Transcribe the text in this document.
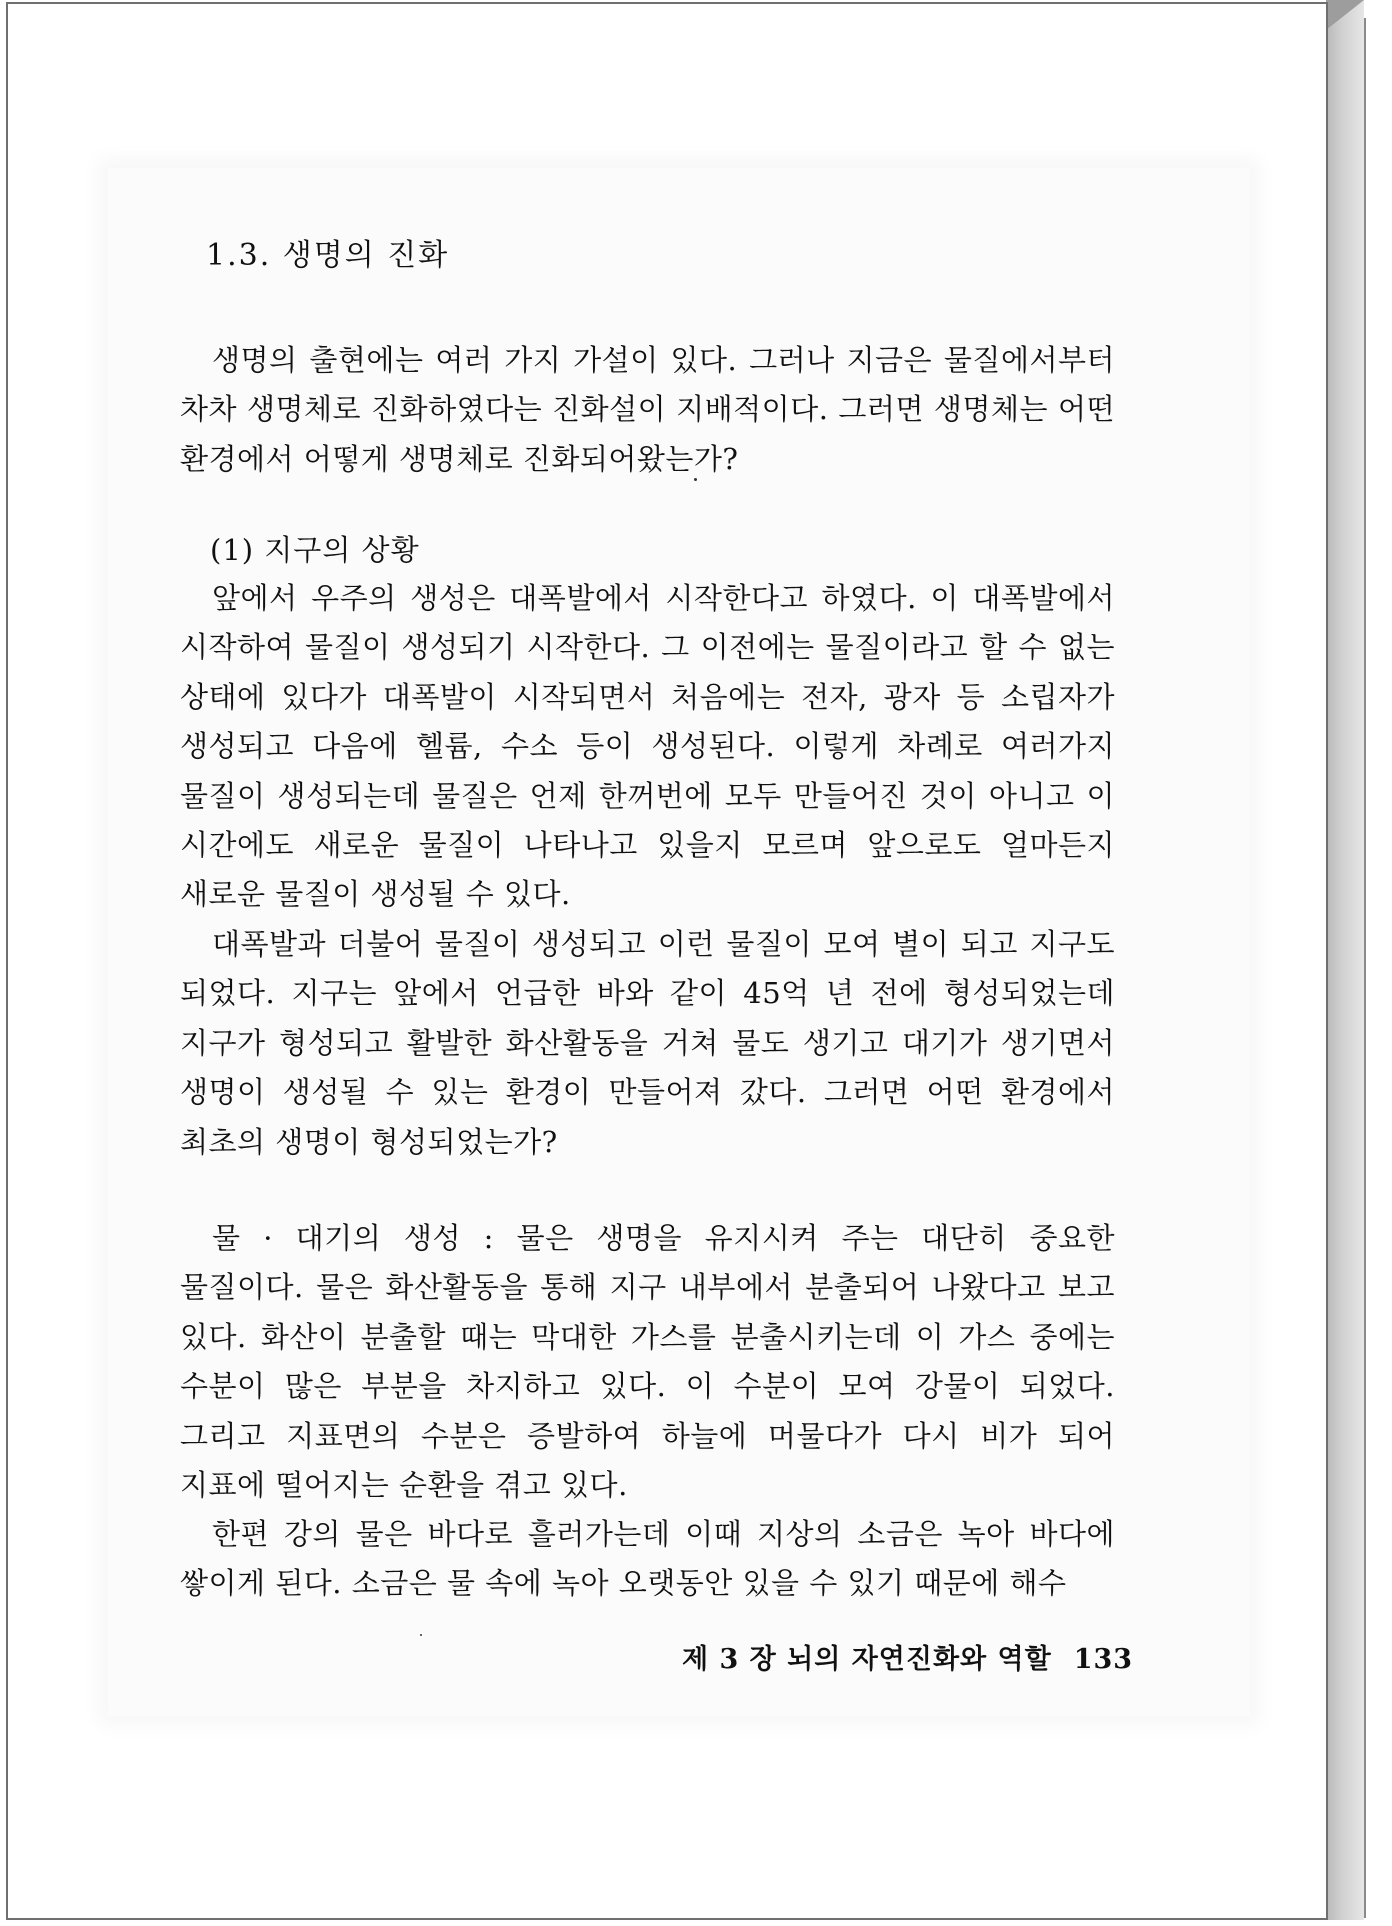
1.3. 생명의 진화

생명의 출현에는 여러 가지 가설이 있다. 그러나 지금은 물질에서부터 차차 생명체로 진화하였다는 진화설이 지배적이다. 그러면 생명체는 어떤 환경에서 어떻게 생명체로 진화되어왔는가?

(1) 지구의 상황

앞에서 우주의 생성은 대폭발에서 시작한다고 하였다. 이 대폭발에서 시작하여 물질이 생성되기 시작한다. 그 이전에는 물질이라고 할 수 없는 상태에 있다가 대폭발이 시작되면서 처음에는 전자, 광자 등 소립자가 생성되고 다음에 헬륨, 수소 등이 생성된다. 이렇게 차례로 여러가지 물질이 생성되는데 물질은 언제 한꺼번에 모두 만들어진 것이 아니고 이 시간에도 새로운 물질이 나타나고 있을지 모르며 앞으로도 얼마든지 새로운 물질이 생성될 수 있다.

대폭발과 더불어 물질이 생성되고 이런 물질이 모여 별이 되고 지구도 되었다. 지구는 앞에서 언급한 바와 같이 45억 년 전에 형성되었는데 지구가 형성되고 활발한 화산활동을 거쳐 물도 생기고 대기가 생기면서 생명이 생성될 수 있는 환경이 만들어져 갔다. 그러면 어떤 환경에서 최초의 생명이 형성되었는가?

물 · 대기의 생성 : 물은 생명을 유지시켜 주는 대단히 중요한 물질이다. 물은 화산활동을 통해 지구 내부에서 분출되어 나왔다고 보고 있다. 화산이 분출할 때는 막대한 가스를 분출시키는데 이 가스 중에는 수분이 많은 부분을 차지하고 있다. 이 수분이 모여 강물이 되었다. 그리고 지표면의 수분은 증발하여 하늘에 머물다가 다시 비가 되어 지표에 떨어지는 순환을 겪고 있다.

한편 강의 물은 바다로 흘러가는데 이때 지상의 소금은 녹아 바다에 쌓이게 된다. 소금은 물 속에 녹아 오랫동안 있을 수 있기 때문에 해수

제 3 장 뇌의 자연진화와 역할 133
